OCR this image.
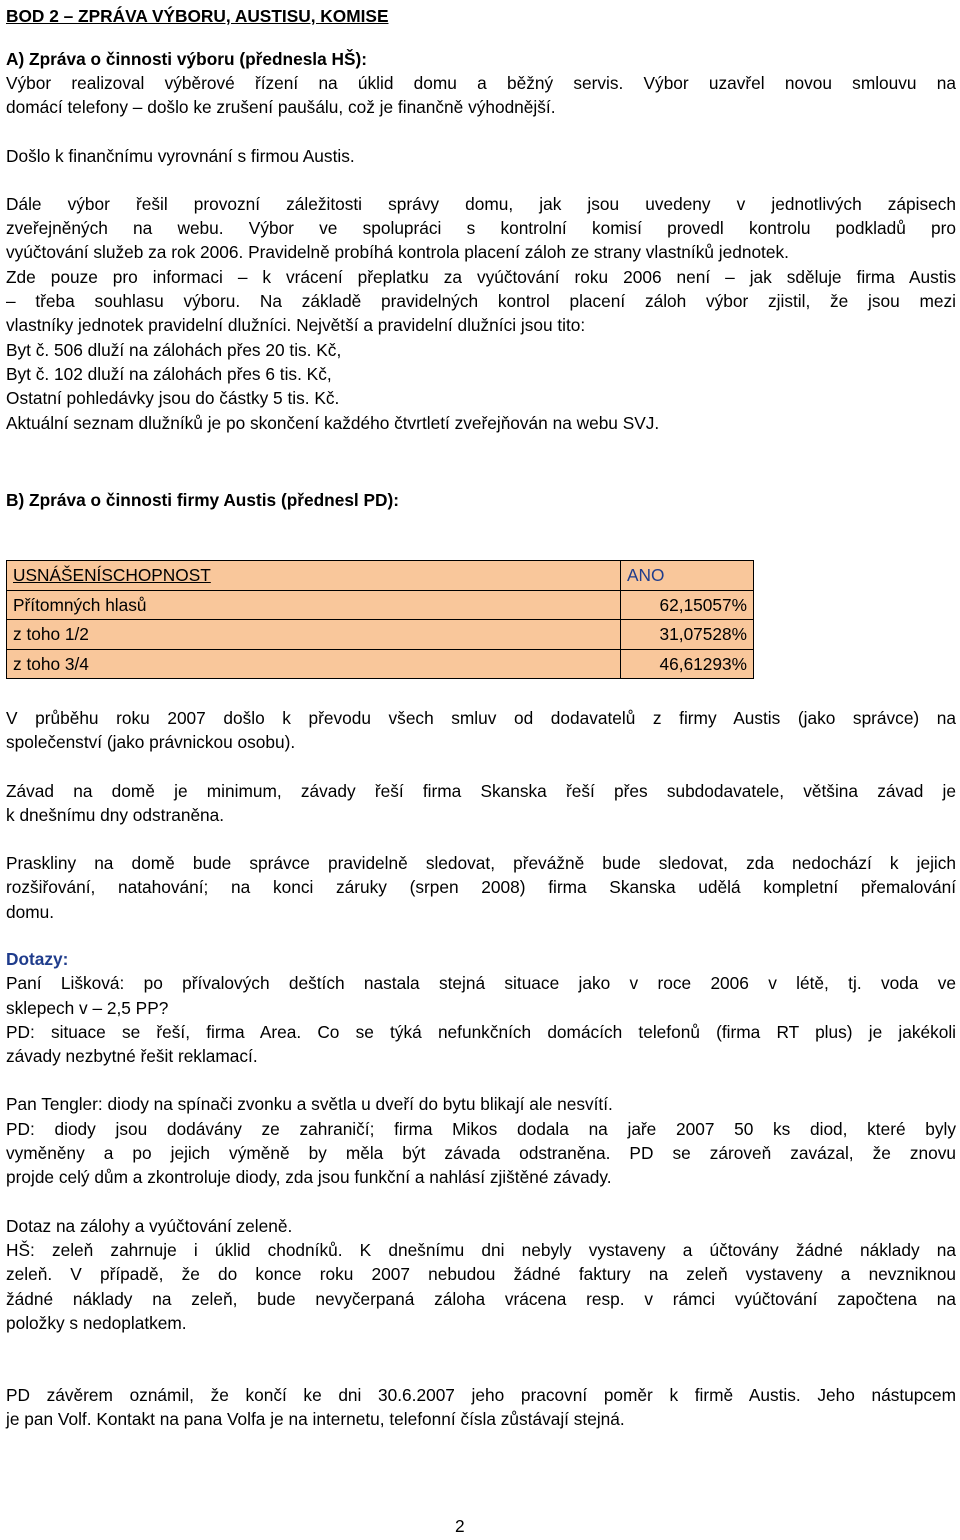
BOD 2 – ZPRÁVA VÝBORU, AUSTISU, KOMISE
A) Zpráva o činnosti výboru (přednesla HŠ):
Výbor realizoval výběrové řízení na úklid domu a běžný servis. Výbor uzavřel novou smlouvu na
domácí telefony – došlo ke zrušení paušálu, což je finančně výhodnější.
Došlo k finančnímu vyrovnání s firmou Austis.
Dále výbor řešil provozní záležitosti správy domu, jak jsou uvedeny v jednotlivých zápisech
zveřejněných na webu. Výbor ve spolupráci s kontrolní komisí provedl kontrolu podkladů pro
vyúčtování služeb za rok 2006. Pravidelně probíhá kontrola placení záloh ze strany vlastníků jednotek.
Zde pouze pro informaci – k vrácení přeplatku za vyúčtování roku 2006 není – jak sděluje firma Austis
– třeba souhlasu výboru. Na základě pravidelných kontrol placení záloh výbor zjistil, že jsou mezi
vlastníky jednotek pravidelní dlužníci. Největší a pravidelní dlužníci jsou tito:
Byt č. 506 dluží na zálohách přes 20 tis. Kč,
Byt č. 102 dluží na zálohách přes 6 tis. Kč,
Ostatní pohledávky jsou do částky 5 tis. Kč.
Aktuální seznam dlužníků je po skončení každého čtvrtletí zveřejňován na webu SVJ.
B) Zpráva o činnosti firmy Austis (přednesl PD):
USNÁŠENÍSCHOPNOST	ANO
Přítomných hlasů	62,15057%
z toho 1/2	31,07528%
z toho 3/4	46,61293%
V průběhu roku 2007 došlo k převodu všech smluv od dodavatelů z firmy Austis (jako správce) na
společenství (jako právnickou osobu).
Závad na domě je minimum, závady řeší firma Skanska řeší přes subdodavatele, většina závad je
k dnešnímu dny odstraněna.
Praskliny na domě bude správce pravidelně sledovat, převážně bude sledovat, zda nedochází k jejich
rozšiřování, natahování; na konci záruky (srpen 2008) firma Skanska udělá kompletní přemalování
domu.
Dotazy:
Paní Lišková: po přívalových deštích nastala stejná situace jako v roce 2006 v létě, tj. voda ve
sklepech v – 2,5 PP?
PD: situace se řeší, firma Area. Co se týká nefunkčních domácích telefonů (firma RT plus) je jakékoli
závady nezbytné řešit reklamací.
Pan Tengler: diody na spínači zvonku a světla u dveří do bytu blikají ale nesvítí.
PD: diody jsou dodávány ze zahraničí; firma Mikos dodala na jaře 2007 50 ks diod, které byly
vyměněny a po jejich výměně by měla být závada odstraněna. PD se zároveň zavázal, že znovu
projde celý dům a zkontroluje diody, zda jsou funkční a nahlásí zjištěné závady.
Dotaz na zálohy a vyúčtování zeleně.
HŠ: zeleň zahrnuje i úklid chodníků. K dnešnímu dni nebyly vystaveny a účtovány žádné náklady na
zeleň. V případě, že do konce roku 2007 nebudou žádné faktury na zeleň vystaveny a nevzniknou
žádné náklady na zeleň, bude nevyčerpaná záloha vrácena resp. v rámci vyúčtování započtena na
položky s nedoplatkem.
PD závěrem oznámil, že končí ke dni 30.6.2007 jeho pracovní poměr k firmě Austis. Jeho nástupcem
je pan Volf. Kontakt na pana Volfa je na internetu, telefonní čísla zůstávají stejná.
2
